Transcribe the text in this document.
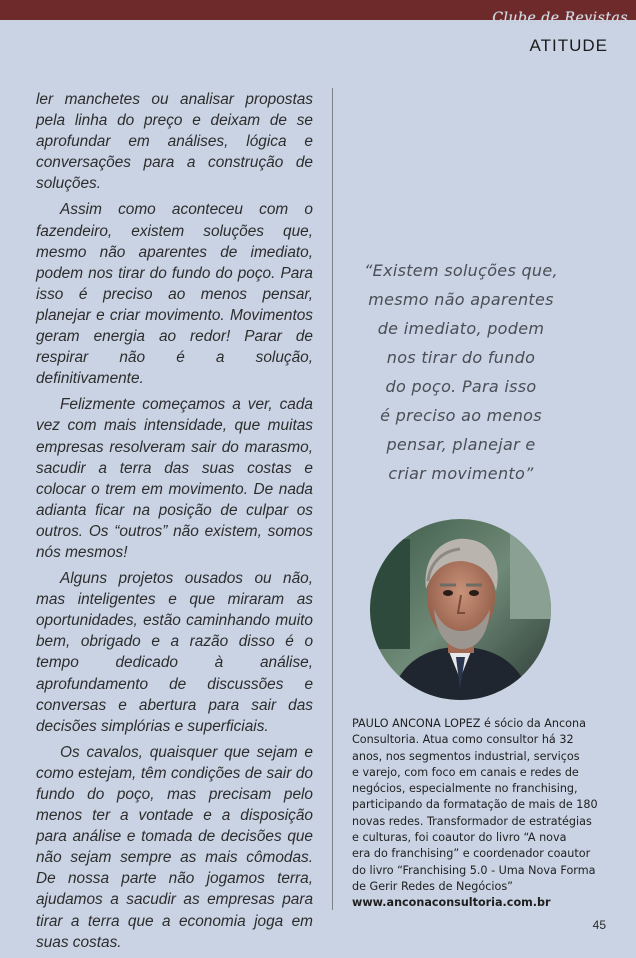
Clube de Revistas
ATITUDE

ler manchetes ou analisar propostas pela linha do preço e deixam de se aprofundar em análises, lógica e conversações para a construção de soluções.

Assim como aconteceu com o fazendeiro, existem soluções que, mesmo não aparentes de imediato, podem nos tirar do fundo do poço. Para isso é preciso ao menos pensar, planejar e criar movimento. Movimentos geram energia ao redor! Parar de respirar não é a solução, definitivamente.

Felizmente começamos a ver, cada vez com mais intensidade, que muitas empresas resolveram sair do marasmo, sacudir a terra das suas costas e colocar o trem em movimento. De nada adianta ficar na posição de culpar os outros. Os “outros” não existem, somos nós mesmos!

Alguns projetos ousados ou não, mas inteligentes e que miraram as oportunidades, estão caminhando muito bem, obrigado e a razão disso é o tempo dedicado à análise, aprofundamento de discussões e conversas e abertura para sair das decisões simplórias e superficiais.

Os cavalos, quaisquer que sejam e como estejam, têm condições de sair do fundo do poço, mas precisam pelo menos ter a vontade e a disposição para análise e tomada de decisões que não sejam sempre as mais cômodas. De nossa parte não jogamos terra, ajudamos a sacudir as empresas para tirar a terra que a economia joga em suas costas.

“Existem soluções que,
mesmo não aparentes
de imediato, podem
nos tirar do fundo
do poço. Para isso
é preciso ao menos
pensar, planejar e
criar movimento”
PAULO ANCONA LOPEZ é sócio da Ancona
Consultoria. Atua como consultor há 32
anos, nos segmentos industrial, serviços
e varejo, com foco em canais e redes de
negócios, especialmente no franchising,
participando da formatação de mais de 180
novas redes. Transformador de estratégias
e culturas, foi coautor do livro “A nova
era do franchising” e coordenador coautor
do livro “Franchising 5.0 - Uma Nova Forma
de Gerir Redes de Negócios”
www.anconaconsultoria.com.br
45
